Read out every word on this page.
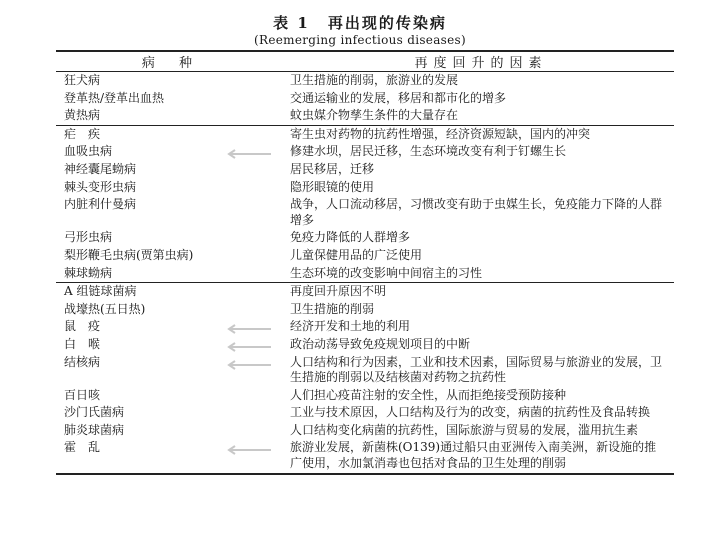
表 1 再出现的传染病
(Reemerging infectious diseases)
病 种	再度回升的因素
狂犬病	卫生措施的削弱，旅游业的发展
登革热/登革出血热	交通运输业的发展，移居和都市化的增多
黄热病	蚊虫媒介物孳生条件的大量存在
疟　疾	寄生虫对药物的抗药性增强，经济资源短缺，国内的冲突
血吸虫病	修建水坝，居民迁移，生态环境改变有利于钉螺生长
神经囊尾蚴病	居民移居，迁移
棘头变形虫病	隐形眼镜的使用
内脏利什曼病	战争，人口流动移居，习惯改变有助于虫媒生长，免疫能力下降的人群增多
弓形虫病	免疫力降低的人群增多
梨形鞭毛虫病(贾第虫病)	儿童保健用品的广泛使用
棘球蚴病	生态环境的改变影响中间宿主的习性
A 组链球菌病	再度回升原因不明
战壕热(五日热)	卫生措施的削弱
鼠　疫	经济开发和土地的利用
白　喉	政治动荡导致免疫规划项目的中断
结核病	人口结构和行为因素，工业和技术因素，国际贸易与旅游业的发展，卫生措施的削弱以及结核菌对药物之抗药性
百日咳	人们担心疫苗注射的安全性，从而拒绝接受预防接种
沙门氏菌病	工业与技术原因，人口结构及行为的改变，病菌的抗药性及食品转换
肺炎球菌病	人口结构变化病菌的抗药性，国际旅游与贸易的发展，滥用抗生素
霍　乱	旅游业发展，新菌株(O139)通过船只由亚洲传入南美洲，新设施的推广使用，水加氯消毒也包括对食品的卫生处理的削弱
